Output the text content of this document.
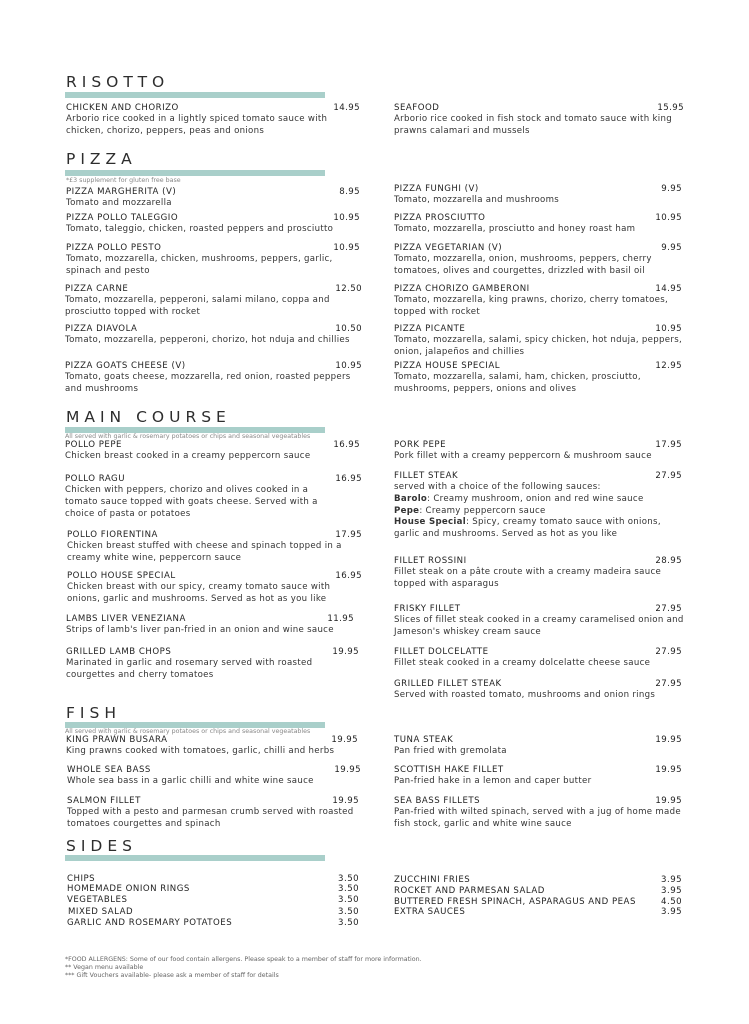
RISOTTO
CHICKEN AND CHORIZO	14.95
Arborio rice cooked in a lightly spiced tomato sauce with chicken, chorizo, peppers, peas and onions
SEAFOOD	15.95
Arborio rice cooked in fish stock and tomato sauce with king prawns calamari and mussels
PIZZA
*£3 supplement for gluten free base
PIZZA MARGHERITA (V)	8.95
Tomato and mozzarella
PIZZA POLLO TALEGGIO	10.95
Tomato, taleggio, chicken, roasted peppers and prosciutto
PIZZA POLLO PESTO	10.95
Tomato, mozzarella, chicken, mushrooms, peppers, garlic, spinach and pesto
PIZZA CARNE	12.50
Tomato, mozzarella, pepperoni, salami milano, coppa and prosciutto topped with rocket
PIZZA DIAVOLA	10.50
Tomato, mozzarella, pepperoni, chorizo, hot nduja and chillies
PIZZA GOATS CHEESE (V)	10.95
Tomato, goats cheese, mozzarella, red onion, roasted peppers and mushrooms
PIZZA FUNGHI (V)	9.95
Tomato, mozzarella and mushrooms
PIZZA PROSCIUTTO	10.95
Tomato, mozzarella, prosciutto and honey roast ham
PIZZA VEGETARIAN (V)	9.95
Tomato, mozzarella, onion, mushrooms, peppers, cherry tomatoes, olives and courgettes, drizzled with basil oil
PIZZA CHORIZO GAMBERONI	14.95
Tomato, mozzarella, king prawns, chorizo, cherry tomatoes, topped with rocket
PIZZA PICANTE	10.95
Tomato, mozzarella, salami, spicy chicken, hot nduja, peppers, onion, jalapeños and chillies
PIZZA HOUSE SPECIAL	12.95
Tomato, mozzarella, salami, ham, chicken, prosciutto, mushrooms, peppers, onions and olives
MAIN COURSE
All served with garlic & rosemary potatoes or chips and seasonal vegeatables
POLLO PEPE	16.95
Chicken breast cooked in a creamy peppercorn sauce
POLLO RAGU	16.95
Chicken with peppers, chorizo and olives cooked in a tomato sauce topped with goats cheese. Served with a choice of pasta or potatoes
POLLO FIORENTINA	17.95
Chicken breast stuffed with cheese and spinach topped in a creamy white wine, peppercorn sauce
POLLO HOUSE SPECIAL	16.95
Chicken breast with our spicy, creamy tomato sauce with onions, garlic and mushrooms. Served as hot as you like
LAMBS LIVER VENEZIANA	11.95
Strips of lamb's liver pan-fried in an onion and wine sauce
GRILLED LAMB CHOPS	19.95
Marinated in garlic and rosemary served with roasted courgettes and cherry tomatoes
PORK PEPE	17.95
Pork fillet with a creamy peppercorn & mushroom sauce
FILLET STEAK	27.95
served with a choice of the following sauces:
Barolo: Creamy mushroom, onion and red wine sauce
Pepe: Creamy peppercorn sauce
House Special: Spicy, creamy tomato sauce with onions, garlic and mushrooms. Served as hot as you like
FILLET ROSSINI	28.95
Fillet steak on a pâte croute with a creamy madeira sauce topped with asparagus
FRISKY FILLET	27.95
Slices of fillet steak cooked in a creamy caramelised onion and Jameson's whiskey cream sauce
FILLET DOLCELATTE	27.95
Fillet steak cooked in a creamy dolcelatte cheese sauce
GRILLED FILLET STEAK	27.95
Served with roasted tomato, mushrooms and onion rings
FISH
All served with garlic & rosemary potatoes or chips and seasonal vegeatables
KING PRAWN BUSARA	19.95
King prawns cooked with tomatoes, garlic, chilli and herbs
WHOLE SEA BASS	19.95
Whole sea bass in a garlic chilli and white wine sauce
SALMON FILLET	19.95
Topped with a pesto and parmesan crumb served with roasted tomatoes courgettes and spinach
TUNA STEAK	19.95
Pan fried with gremolata
SCOTTISH HAKE FILLET	19.95
Pan-fried hake in a lemon and caper butter
SEA BASS FILLETS	19.95
Pan-fried with wilted spinach, served with a jug of home made fish stock, garlic and white wine sauce
SIDES
CHIPS	3.50
HOMEMADE ONION RINGS	3.50
VEGETABLES	3.50
MIXED SALAD	3.50
GARLIC AND ROSEMARY POTATOES	3.50
ZUCCHINI FRIES	3.95
ROCKET AND PARMESAN SALAD	3.95
BUTTERED FRESH SPINACH, ASPARAGUS AND PEAS	4.50
EXTRA SAUCES	3.95
*FOOD ALLERGENS: Some of our food contain allergens. Please speak to a member of staff for more information.
** Vegan menu available
*** Gift Vouchers available- please ask a member of staff for details
